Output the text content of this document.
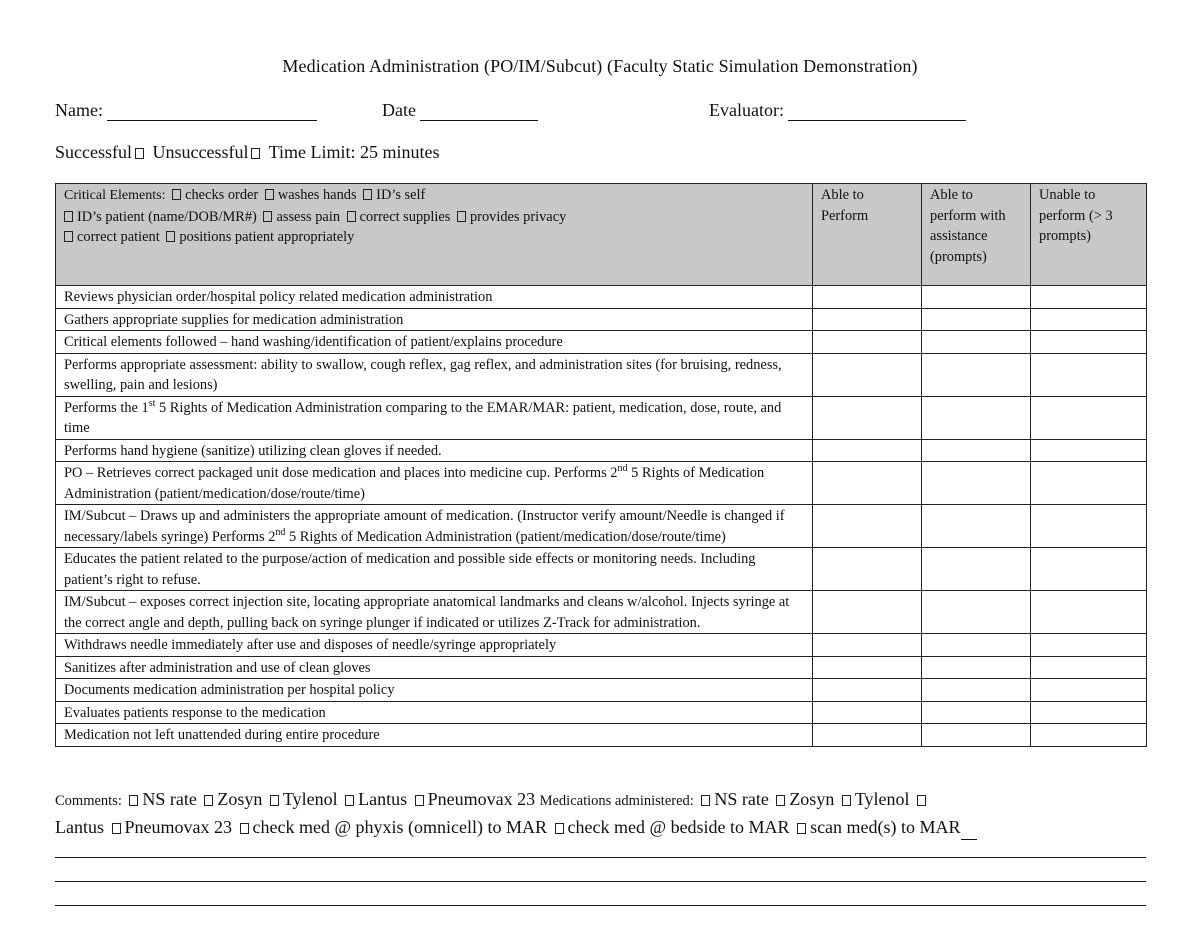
Medication Administration (PO/IM/Subcut) (Faculty Static Simulation Demonstration)
Name:	Date	Evaluator:
Successful Unsuccessful Time Limit: 25 minutes
Critical Elements: checks order washes hands ID’s self
ID’s patient (name/DOB/MR#) assess pain correct supplies provides privacy
correct patient positions patient appropriately	Able to Perform	Able to perform with assistance (prompts)	Unable to perform (> 3 prompts)
Reviews physician order/hospital policy related medication administration			
Gathers appropriate supplies for medication administration			
Critical elements followed – hand washing/identification of patient/explains procedure			
Performs appropriate assessment: ability to swallow, cough reflex, gag reflex, and administration sites (for bruising, redness, swelling, pain and lesions)			
Performs the 1st 5 Rights of Medication Administration comparing to the EMAR/MAR: patient, medication, dose, route, and time			
Performs hand hygiene (sanitize) utilizing clean gloves if needed.			
PO – Retrieves correct packaged unit dose medication and places into medicine cup. Performs 2nd 5 Rights of Medication Administration (patient/medication/dose/route/time)			
IM/Subcut – Draws up and administers the appropriate amount of medication. (Instructor verify amount/Needle is changed if necessary/labels syringe) Performs 2nd 5 Rights of Medication Administration (patient/medication/dose/route/time)			
Educates the patient related to the purpose/action of medication and possible side effects or monitoring needs. Including patient’s right to refuse.			
IM/Subcut – exposes correct injection site, locating appropriate anatomical landmarks and cleans w/alcohol. Injects syringe at the correct angle and depth, pulling back on syringe plunger if indicated or utilizes Z-Track for administration.			
Withdraws needle immediately after use and disposes of needle/syringe appropriately			
Sanitizes after administration and use of clean gloves			
Documents medication administration per hospital policy			
Evaluates patients response to the medication			
Medication not left unattended during entire procedure			
Comments: NS rate Zosyn Tylenol Lantus Pneumovax 23 Medications administered: NS rate Zosyn Tylenol
Lantus Pneumovax 23 check med @ phyxis (omnicell) to MAR check med @ bedside to MAR scan med(s) to MAR
